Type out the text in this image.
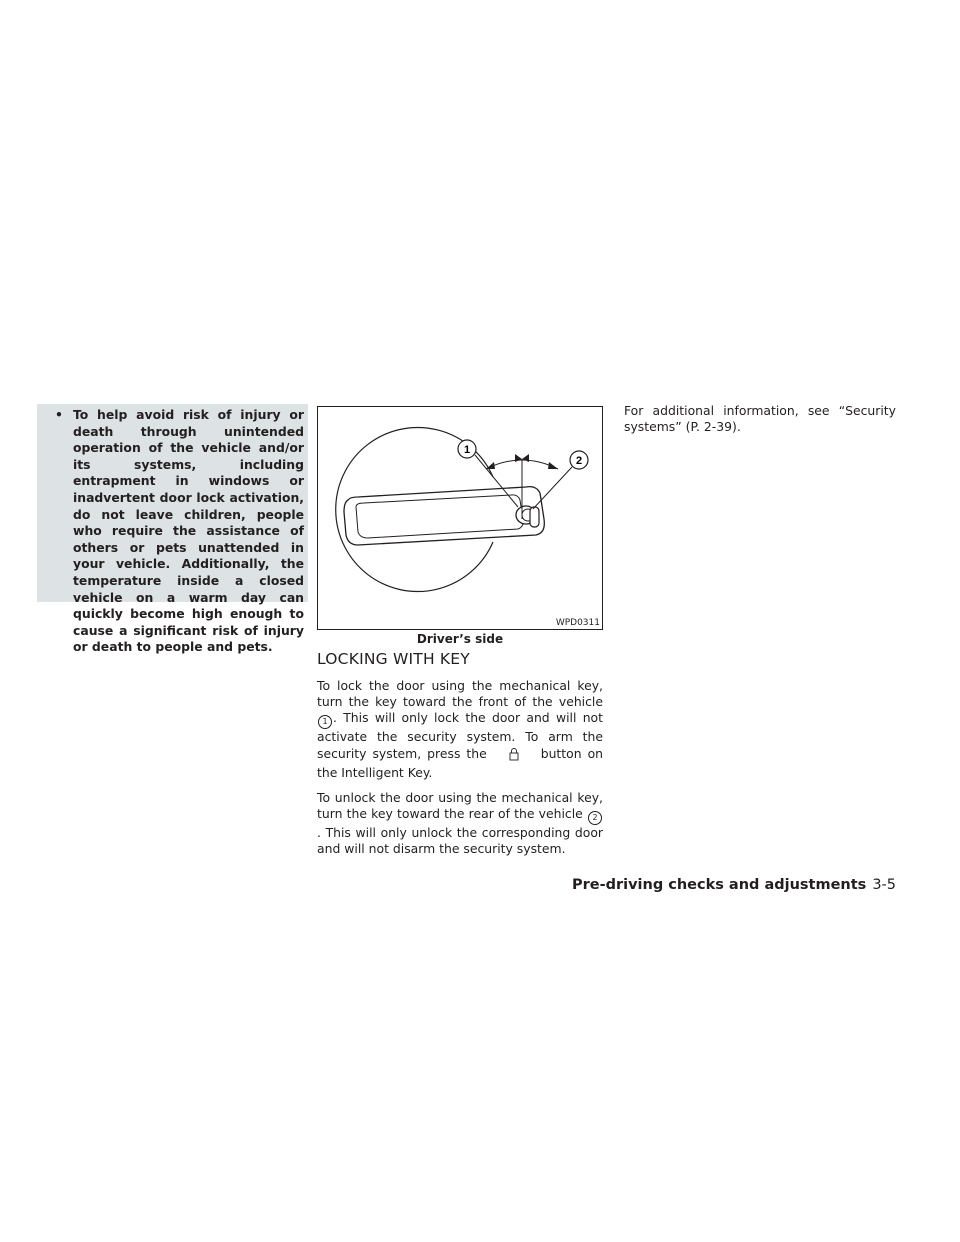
• To help avoid risk of injury or death through unintended operation of the vehicle and/or its systems, including entrapment in windows or inadvertent door lock activation, do not leave children, people who require the assistance of others or pets unattended in your vehicle. Additionally, the temperature inside a closed vehicle on a warm day can quickly become high enough to cause a significant risk of injury or death to people and pets.

1
2
WPD0311
Driver’s side
LOCKING WITH KEY

To lock the door using the mechanical key, turn the key toward the front of the vehicle 1 . This will only lock the door and will not activate the security system. To arm the security system, press the	button on the Intelligent Key.

To unlock the door using the mechanical key, turn the key toward the rear of the vehicle 2. This will only unlock the corresponding door and will not disarm the security system.

For additional information, see “Security systems” (P. 2-39).

Pre-driving checks and adjustments 3-5
